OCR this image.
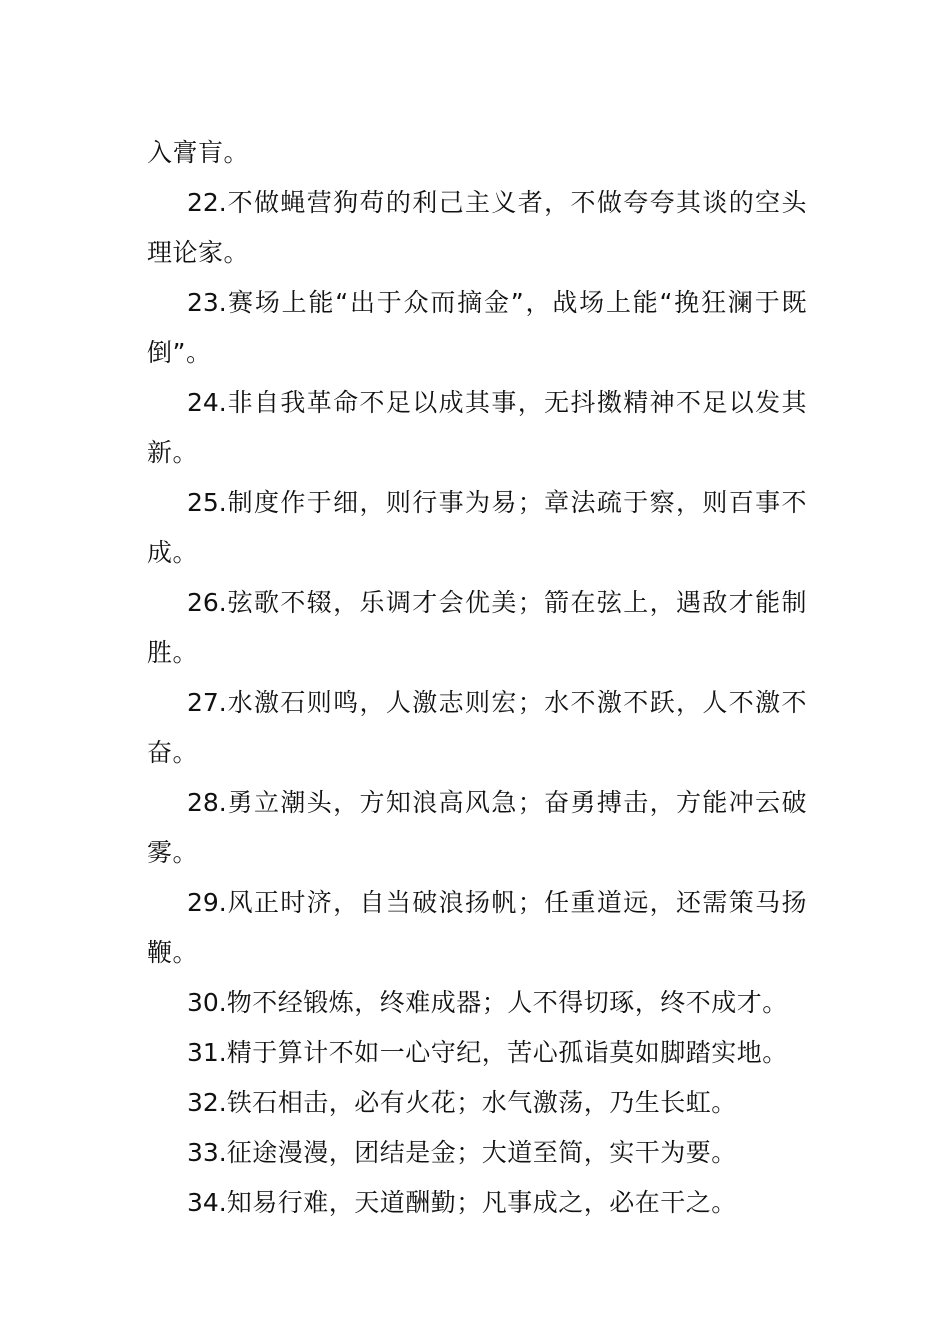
入膏肓。

22.不做蝇营狗苟的利己主义者，不做夸夸其谈的空头理论家。

23.赛场上能“出于众而摘金”，战场上能“挽狂澜于既倒”。

24.非自我革命不足以成其事，无抖擞精神不足以发其新。

25.制度作于细，则行事为易；章法疏于察，则百事不成。

26.弦歌不辍，乐调才会优美；箭在弦上，遇敌才能制胜。

27.水激石则鸣，人激志则宏；水不激不跃，人不激不奋。

28.勇立潮头，方知浪高风急；奋勇搏击，方能冲云破雾。

29.风正时济，自当破浪扬帆；任重道远，还需策马扬鞭。

30.物不经锻炼，终难成器；人不得切琢，终不成才。

31.精于算计不如一心守纪，苦心孤诣莫如脚踏实地。

32.铁石相击，必有火花；水气激荡，乃生长虹。

33.征途漫漫，团结是金；大道至简，实干为要。

34.知易行难，天道酬勤；凡事成之，必在干之。
